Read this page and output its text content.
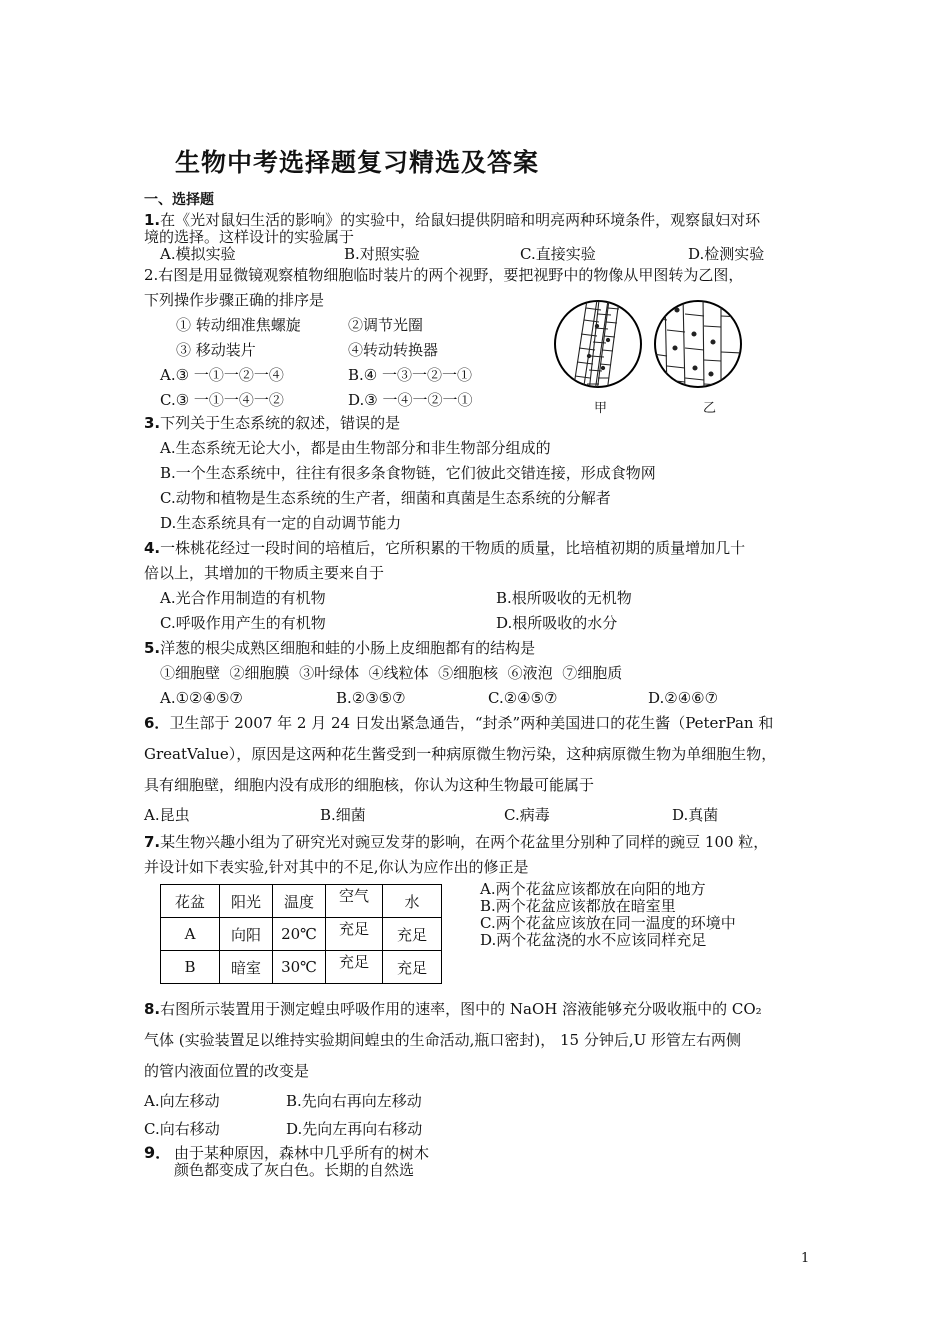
生物中考选择题复习精选及答案
一、选择题
1.在《光对鼠妇生活的影响》的实验中，给鼠妇提供阴暗和明亮两种环境条件，观察鼠妇对环
境的选择。这样设计的实验属于
A.模拟实验	B.对照实验	C.直接实验	D.检测实验
2.右图是用显微镜观察植物细胞临时装片的两个视野，要把视野中的物像从甲图转为乙图，
下列操作步骤正确的排序是
① 转动细准焦螺旋	②调节光圈
③ 移动装片	④转动转换器
A.③ 一①一②一④	B.④ 一③一②一①
C.③ 一①一④一②	D.③ 一④一②一①	甲	乙
3.下列关于生态系统的叙述，错误的是
A.生态系统无论大小，都是由生物部分和非生物部分组成的
B.一个生态系统中，往往有很多条食物链，它们彼此交错连接，形成食物网
C.动物和植物是生态系统的生产者，细菌和真菌是生态系统的分解者
D.生态系统具有一定的自动调节能力
4.一株桃花经过一段时间的培植后，它所积累的干物质的质量，比培植初期的质量增加几十
倍以上，其增加的干物质主要来自于
A.光合作用制造的有机物	B.根所吸收的无机物
C.呼吸作用产生的有机物	D.根所吸收的水分
5.洋葱的根尖成熟区细胞和蛙的小肠上皮细胞都有的结构是
①细胞壁  ②细胞膜  ③叶绿体  ④线粒体  ⑤细胞核  ⑥液泡  ⑦细胞质
A.①②④⑤⑦	B.②③⑤⑦	C.②④⑤⑦	D.②④⑥⑦
6．卫生部于 2007 年 2 月 24 日发出紧急通告，“封杀”两种美国进口的花生酱（PeterPan 和
GreatValue），原因是这两种花生酱受到一种病原微生物污染，这种病原微生物为单细胞生物，
具有细胞壁，细胞内没有成形的细胞核，你认为这种生物最可能属于
A.昆虫	B.细菌	C.病毒	D.真菌
7.某生物兴趣小组为了研究光对豌豆发芽的影响，在两个花盆里分别种了同样的豌豆 100 粒，
并设计如下表实验,针对其中的不足,你认为应作出的修正是
花盆	阳光	温度	空气	水
A	向阳	20℃	充足	充足
B	暗室	30℃	充足	充足
A.两个花盆应该都放在向阳的地方
B.两个花盆应该都放在暗室里
C.两个花盆应该放在同一温度的环境中
D.两个花盆浇的水不应该同样充足
8.右图所示装置用于测定蝗虫呼吸作用的速率，图中的 NaOH 溶液能够充分吸收瓶中的 CO₂
气体 (实验装置足以维持实验期间蝗虫的生命活动,瓶口密封)， 15 分钟后,U 形管左右两侧
的管内液面位置的改变是
A.向左移动	B.先向右再向左移动
C.向右移动	D.先向左再向右移动
9． 由于某种原因，森林中几乎所有的树木
颜色都变成了灰白色。长期的自然选
1
